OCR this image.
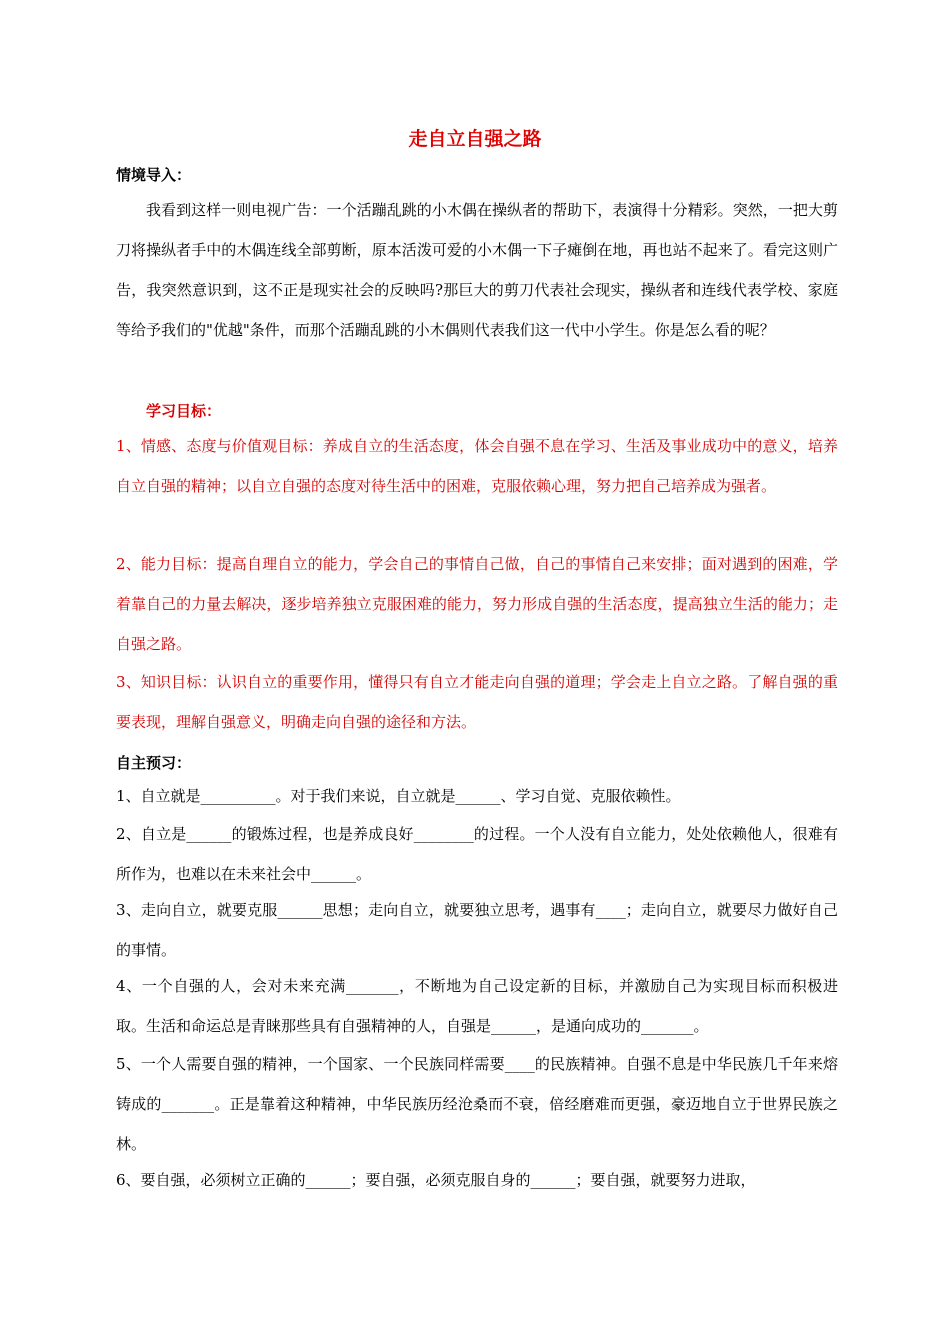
走自立自强之路
情境导入：

我看到这样一则电视广告：一个活蹦乱跳的小木偶在操纵者的帮助下，表演得十分精彩。突然，一把大剪刀将操纵者手中的木偶连线全部剪断，原本活泼可爱的小木偶一下子瘫倒在地，再也站不起来了。看完这则广告，我突然意识到，这不正是现实社会的反映吗?那巨大的剪刀代表社会现实，操纵者和连线代表学校、家庭等给予我们的"优越"条件，而那个活蹦乱跳的小木偶则代表我们这一代中小学生。你是怎么看的呢？

学习目标：

1、情感、态度与价值观目标：养成自立的生活态度，体会自强不息在学习、生活及事业成功中的意义，培养自立自强的精神；以自立自强的态度对待生活中的困难，克服依赖心理，努力把自己培养成为强者。

2、能力目标：提高自理自立的能力，学会自己的事情自己做，自己的事情自己来安排；面对遇到的困难，学着靠自己的力量去解决，逐步培养独立克服困难的能力，努力形成自强的生活态度，提高独立生活的能力；走自强之路。

3、知识目标：认识自立的重要作用，懂得只有自立才能走向自强的道理；学会走上自立之路。了解自强的重要表现，理解自强意义，明确走向自强的途径和方法。

自主预习：

1、自立就是__________。对于我们来说，自立就是______、学习自觉、克服依赖性。

2、自立是______的锻炼过程，也是养成良好________的过程。一个人没有自立能力，处处依赖他人，很难有所作为，也难以在未来社会中______。

3、走向自立，就要克服______思想；走向自立，就要独立思考，遇事有____；走向自立，就要尽力做好自己的事情。

4、一个自强的人，会对未来充满_______，不断地为自己设定新的目标，并激励自己为实现目标而积极进取。生活和命运总是青睐那些具有自强精神的人，自强是______，是通向成功的_______。

5、一个人需要自强的精神，一个国家、一个民族同样需要____的民族精神。自强不息是中华民族几千年来熔铸成的_______。正是靠着这种精神，中华民族历经沧桑而不衰，倍经磨难而更强，豪迈地自立于世界民族之林。

6、要自强，必须树立正确的______；要自强，必须克服自身的______；要自强，就要努力进取，
